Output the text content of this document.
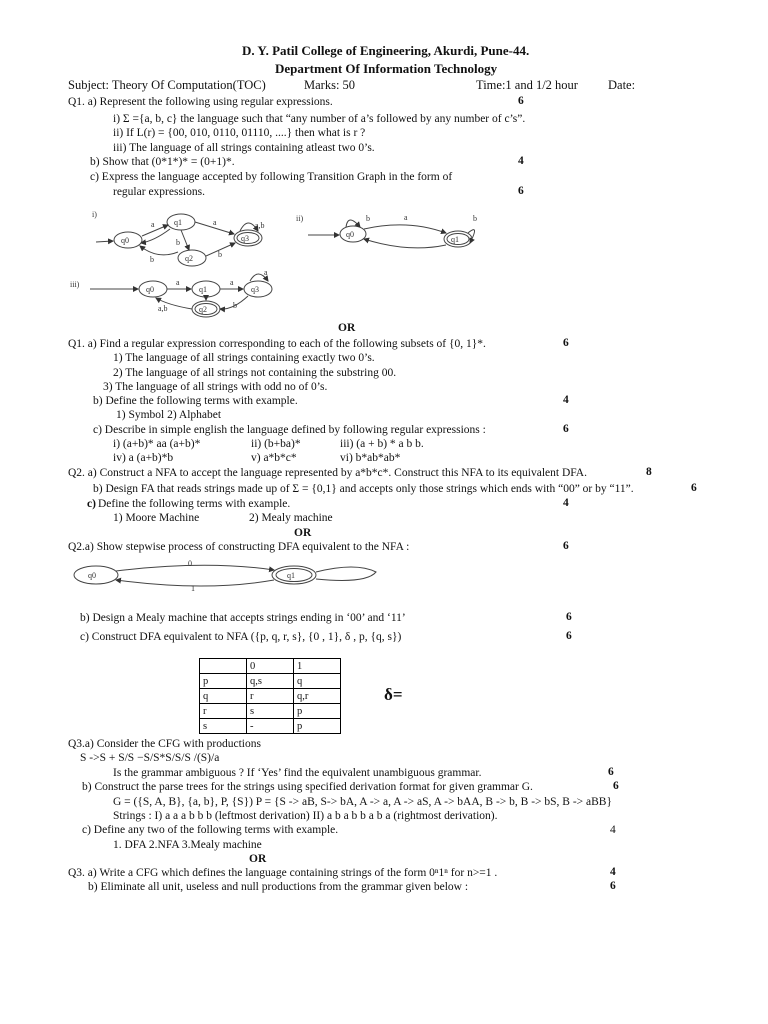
D. Y. Patil College of Engineering, Akurdi, Pune-44.
Department Of Information Technology
Subject: Theory Of Computation(TOC)	Marks: 50	Time:1 and 1/2 hour Date:
Q1. a) Represent the following using regular expressions.	6
i) Σ ={a, b, c} the language such that “any number of a’s followed by any number of c’s”.
ii) If L(r) = {00, 010, 0110, 01110, ....} then what is r ?
iii) The language of all strings containing atleast two 0’s.
b) Show that (0*1*)* = (0+1)*.	4
c) Express the language accepted by following Transition Graph in the form of
regular expressions.	6
i)	ii)
iii)
q0
q1
q2
q3
a
b
b
a
b
a,b
q0
q1
b	a	b
q0	q1
q2
q3
a	a
a
a,b	b
OR
Q1. a) Find a regular expression corresponding to each of the following subsets of {0, 1}*.	6
1) The language of all strings containing exactly two 0’s.
2) The language of all strings not containing the substring 00.
3) The language of all strings with odd no of 0’s.
b) Define the following terms with example.	4
1) Symbol 2) Alphabet
c) Describe in simple english the language defined by following regular expressions :	6
i) (a+b)* aa (a+b)*	ii) (b+ba)*	iii) (a + b) * a b b.
iv) a (a+b)*b	v) a*b*c*	vi) b*ab*ab*
Q2. a) Construct a NFA to accept the language represented by a*b*c*. Construct this NFA to its equivalent DFA.	8
b) Design FA that reads strings made up of Σ = {0,1} and accepts only those strings which ends with “00” or by “11”.	6
c) Define the following terms with example.	4
1) Moore Machine	2) Mealy machine
OR
Q2.a) Show stepwise process of constructing DFA equivalent to the NFA :	6
q0	q1
0
1
b) Design a Mealy machine that accepts strings ending in ‘00’ and ‘11’	6
c) Construct DFA equivalent to NFA ({p, q, r, s}, {0 , 1}, δ , p, {q, s})	6
	0	1
p	q,s	q
q	r	q,r
r	s	p
s	-	p
δ=
Q3.a) Consider the CFG with productions
S ->S + S/S −S/S*S/S/S /(S)/a
Is the grammar ambiguous ? If ‘Yes’ find the equivalent unambiguous grammar.	6
b) Construct the parse trees for the strings using specified derivation format for given grammar G.	6
G = ({S, A, B}, {a, b}, P, {S}) P = {S -> aB, S-> bA, A -> a, A -> aS, A -> bAA, B -> b, B -> bS, B -> aBB}
Strings : I) a a a b b b (leftmost derivation) II) a b a b b a b a (rightmost derivation).
c) Define any two of the following terms with example.	4
1. DFA 2.NFA 3.Mealy machine
OR
Q3. a) Write a CFG which defines the language containing strings of the form 0ⁿ1ⁿ for n>=1 .	4
b) Eliminate all unit, useless and null productions from the grammar given below :	6
